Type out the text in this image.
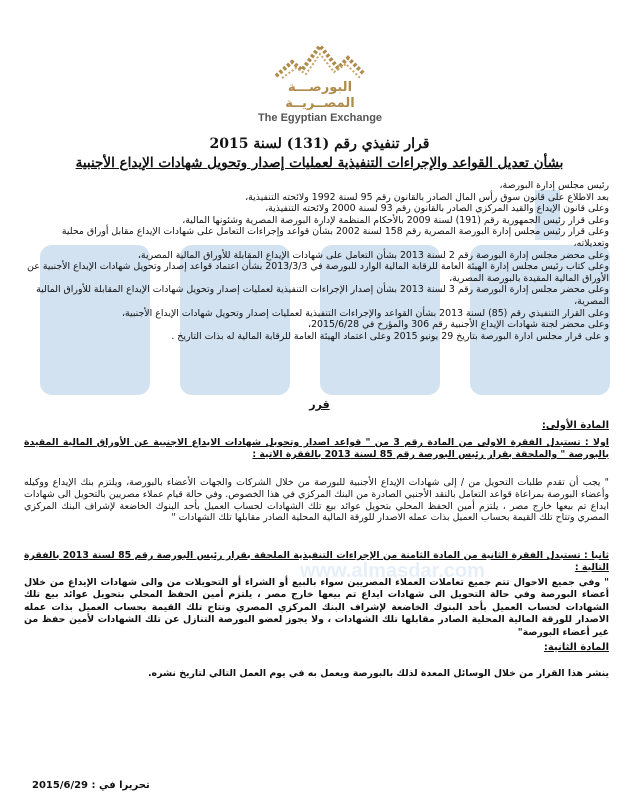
البورصـــة المصــريــة
The Egyptian Exchange
www.almasdar.com
قرار تنفيذي رقم (131) لسنة 2015
بشأن تعديل القواعد والإجراءات التنفيذية لعمليات إصدار وتحويل شهادات الإيداع الأجنبية

رئيس مجلس إدارة البورصة،

بعد الاطلاع على قانون سوق رأس المال الصادر بالقانون رقم 95 لسنة 1992 ولائحته التنفيذية،

وعلى قانون الإيداع والقيد المركزي الصادر بالقانون رقم 93 لسنة 2000 ولائحته التنفيذية،

وعلى قرار رئيس الجمهورية رقم (191) لسنة 2009 بالأحكام المنظمة لإدارة البورصة المصرية وشئونها المالية،

وعلى قرار رئيس مجلس إدارة البورصة المصرية رقم 158 لسنة 2002 بشأن قواعد وإجراءات التعامل على شهادات الإيداع مقابل أوراق محلية وتعديلاته،

وعلى محضر مجلس إدارة البورصة رقم 2 لسنة 2013 بشأن التعامل على شهادات الإيداع المقابلة للأوراق المالية المصرية،

وعلى كتاب رئيس مجلس إدارة الهيئة العامة للرقابة المالية الوارد للبورصة في 2013/3/3 بشأن اعتماد قواعد إصدار وتحويل شهادات الإيداع الأجنبية عن الأوراق المالية المقيدة بالبورصة المصرية،

وعلى محضر مجلس إدارة البورصة رقم 3 لسنة 2013 بشأن إصدار الإجراءات التنفيذية لعمليات إصدار وتحويل شهادات الإيداع المقابلة للأوراق المالية المصرية،

وعلى القرار التنفيذي رقم (85) لسنة 2013 بشأن القواعد والإجراءات التنفيذية لعمليات إصدار وتحويل شهادات الإيداع الأجنبية،

وعلى محضر لجنة شهادات الإيداع الأجنبية رقم 306 والمؤرخ في 2015/6/28،

و على قرار مجلس ادارة البورصة بتاريخ 29 يونيو 2015 وعلى اعتماد الهيئة العامة للرقابة المالية له بذات التاريخ .

قرر
المادة الأولى:
اولا : تستبدل الفقرة الاولى من المادة رقم 3 من " قواعد اصدار وتحويل شهادات الايداع الاجنبية عن الأوراق المالية المقيدة بالبورصة " والملحقة بقرار رئيس البورصة رقم 85 لسنة 2013 بالفقرة الاتية :
" يجب أن تقدم طلبات التحويل من / إلى شهادات الإيداع الأجنبية للبورصة من خلال الشركات والجهات الأعضاء بالبورصة، ويلتزم بنك الإيداع ووكيله وأعضاء البورصة بمراعاة قواعد التعامل بالنقد الأجنبي الصادرة من البنك المركزي في هذا الخصوص. وفي حالة قيام عملاء مصريين بالتحويل الى شهادات ايداع تم بيعها خارج مصر ، يلتزم أمين الحفظ المحلي بتحويل عوائد بيع تلك الشهادات لحساب العميل بأحد البنوك الخاضعة لإشراف البنك المركزي المصري وتتاح تلك القيمة بحساب العميل بذات عمله الاصدار للورقة المالية المحلية الصادر مقابلها تلك الشهادات "
ثانيا : تستبدل الفقرة الثانية من المادة الثامنة من الإجراءات التنفيذية الملحقة بقرار رئيس البورصة رقم 85 لسنة 2013 بالفقرة التالية :
" وفي جميع الاحوال تتم جميع تعاملات العملاء المصريين سواء بالبيع أو الشراء أو التحويلات من والى شهادات الإيداع من خلال أعضاء البورصة وفي حالة التحويل الى شهادات ايداع تم بيعها خارج مصر ، يلتزم أمين الحفظ المحلي بتحويل عوائد بيع تلك الشهادات لحساب العميل بأحد البنوك الخاضعة لإشراف البنك المركزي المصري وتتاح تلك القيمة بحساب العميل بذات عمله الاصدار للورقة المالية المحلية الصادر مقابلها تلك الشهادات ، ولا يجوز لعضو البورصة التنازل عن تلك الشهادات لأمين حفظ من غير أعضاء البورصة"
المادة الثانية:
ينشر هذا القرار من خلال الوسائل المعدة لذلك بالبورصة ويعمل به في يوم العمل التالي لتاريخ نشره.
تحريرا في : 2015/6/29
